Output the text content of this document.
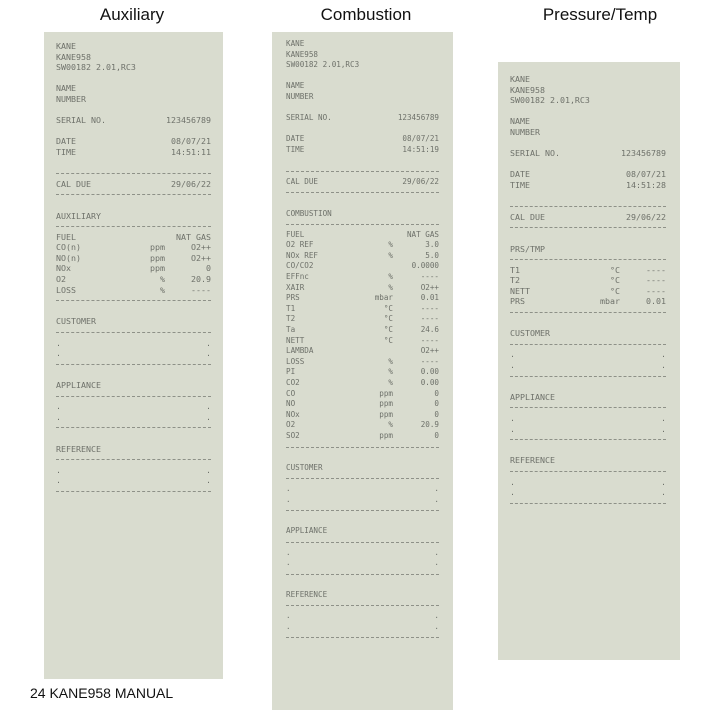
Auxiliary	Combustion	Pressure/Temp
KANE
KANE958
SW00182 2.01,RC3
NAME
NUMBER
SERIAL NO.	123456789
DATE	08/07/21
TIME	14:51:11
CAL DUE	29/06/22
AUXILIARY
FUEL	NAT GAS
CO(n)	ppm	O2++
NO(n)	ppm	O2++
NOx	ppm	0
O2	%	20.9
LOSS	%	----
CUSTOMER
.	.
.	.
APPLIANCE
.	.
.	.
REFERENCE
.	.
.	.
KANE
KANE958
SW00182 2.01,RC3
NAME
NUMBER
SERIAL NO.	123456789
DATE	08/07/21
TIME	14:51:19
CAL DUE	29/06/22
COMBUSTION
FUEL	NAT GAS
O2 REF	%	3.0
NOx REF	%	5.0
CO/CO2	0.0000
EFFnc	%	----
XAIR	%	O2++
PRS	mbar	0.01
T1	°C	----
T2	°C	----
Ta	°C	24.6
NETT	°C	----
LAMBDA	O2++
LOSS	%	----
PI	%	0.00
CO2	%	0.00
CO	ppm	0
NO	ppm	0
NOx	ppm	0
O2	%	20.9
SO2	ppm	0
CUSTOMER
.	.
.	.
APPLIANCE
.	.
.	.
REFERENCE
.	.
.	.
KANE
KANE958
SW00182 2.01,RC3
NAME
NUMBER
SERIAL NO.	123456789
DATE	08/07/21
TIME	14:51:28
CAL DUE	29/06/22
PRS/TMP
T1	°C	----
T2	°C	----
NETT	°C	----
PRS	mbar	0.01
CUSTOMER
.	.
.	.
APPLIANCE
.	.
.	.
REFERENCE
.	.
.	.
24 KANE958 MANUAL
